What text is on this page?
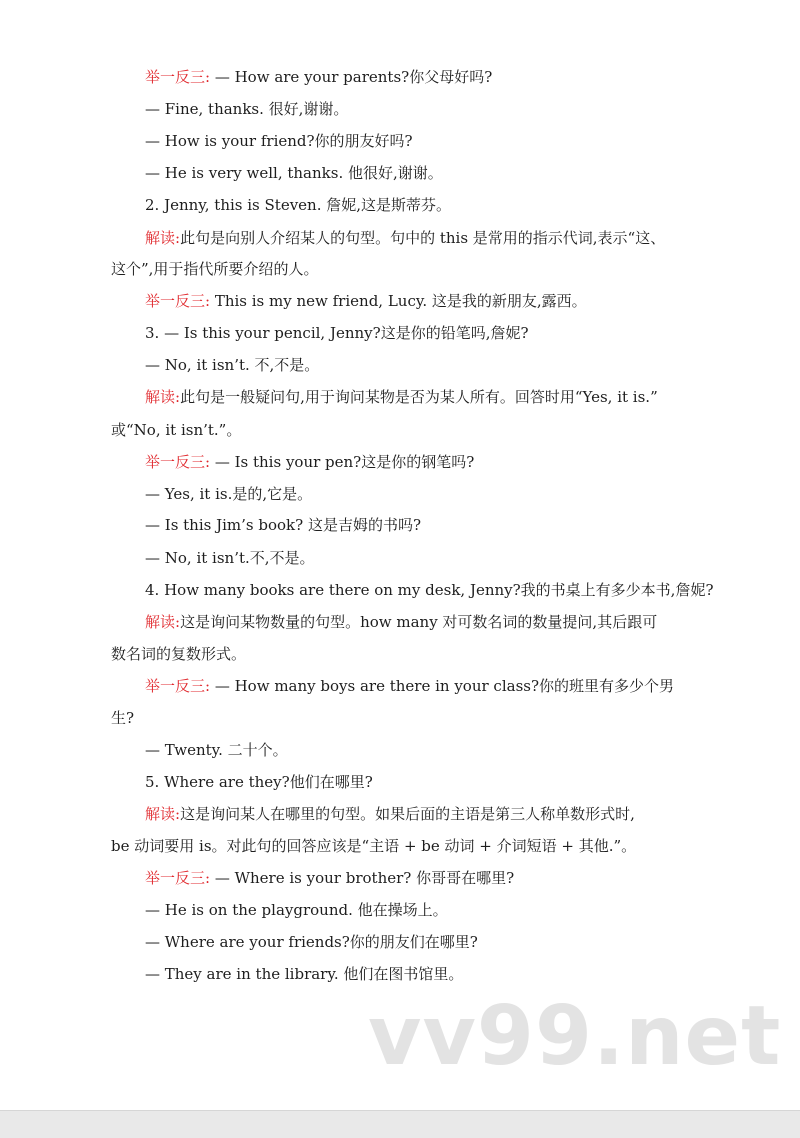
举一反三: — How are your parents?你父母好吗?
— Fine, thanks. 很好,谢谢。
— How is your friend?你的朋友好吗?
— He is very well, thanks. 他很好,谢谢。
2. Jenny, this is Steven. 詹妮,这是斯蒂芬。
解读:此句是向别人介绍某人的句型。句中的 this 是常用的指示代词,表示“这、
这个”,用于指代所要介绍的人。
举一反三: This is my new friend, Lucy. 这是我的新朋友,露西。
3. — Is this your pencil, Jenny?这是你的铅笔吗,詹妮?
— No, it isn’t. 不,不是。
解读:此句是一般疑问句,用于询问某物是否为某人所有。回答时用“Yes, it is.”
或“No, it isn’t.”。
举一反三: — Is this your pen?这是你的钢笔吗?
— Yes, it is.是的,它是。
— Is this Jim’s book? 这是吉姆的书吗?
— No, it isn’t.不,不是。
4. How many books are there on my desk, Jenny?我的书桌上有多少本书,詹妮?
解读:这是询问某物数量的句型。how many 对可数名词的数量提问,其后跟可
数名词的复数形式。
举一反三: — How many boys are there in your class?你的班里有多少个男
生?
— Twenty. 二十个。
5. Where are they?他们在哪里?
解读:这是询问某人在哪里的句型。如果后面的主语是第三人称单数形式时,
be 动词要用 is。对此句的回答应该是“主语 + be 动词 + 介词短语 + 其他.”。
举一反三: — Where is your brother? 你哥哥在哪里?
— He is on the playground. 他在操场上。
— Where are your friends?你的朋友们在哪里?
— They are in the library. 他们在图书馆里。
vv99.net
